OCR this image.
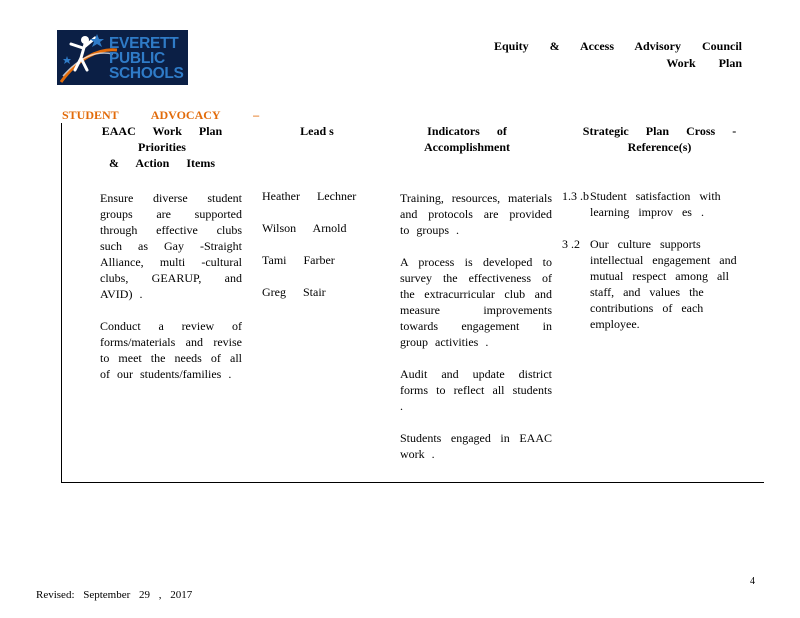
EVERETT
PUBLIC
SCHOOLS
Equity & Access Advisory Council
Work Plan
STUDENT ADVOCACY –
EAAC Work Plan
Priorities
& Action Items
Ensure diverse student groups are supported through effective clubs such as Gay -Straight Alliance, multi -cultural clubs, GEARUP, and AVID) .
Conduct a review of forms/materials and revise to meet the needs of all of our students/families .
Lead s
Heather Lechner
Wilson Arnold
Tami Farber
Greg Stair
Indicators of
Accomplishment
Training, resources, materials and protocols are provided to groups .
A process is developed to survey the effectiveness of the extracurricular club and measure improvements towards engagement in group activities .
Audit and update district forms to reflect all students .
Students engaged in EAAC work .
Strategic Plan Cross -
Reference(s)
1.3 .b Student satisfaction with learning improv es .
3 .2 Our culture supports intellectual engagement and mutual respect among all staff, and values the contributions of each employee.
Revised: September 29 , 2017
4
